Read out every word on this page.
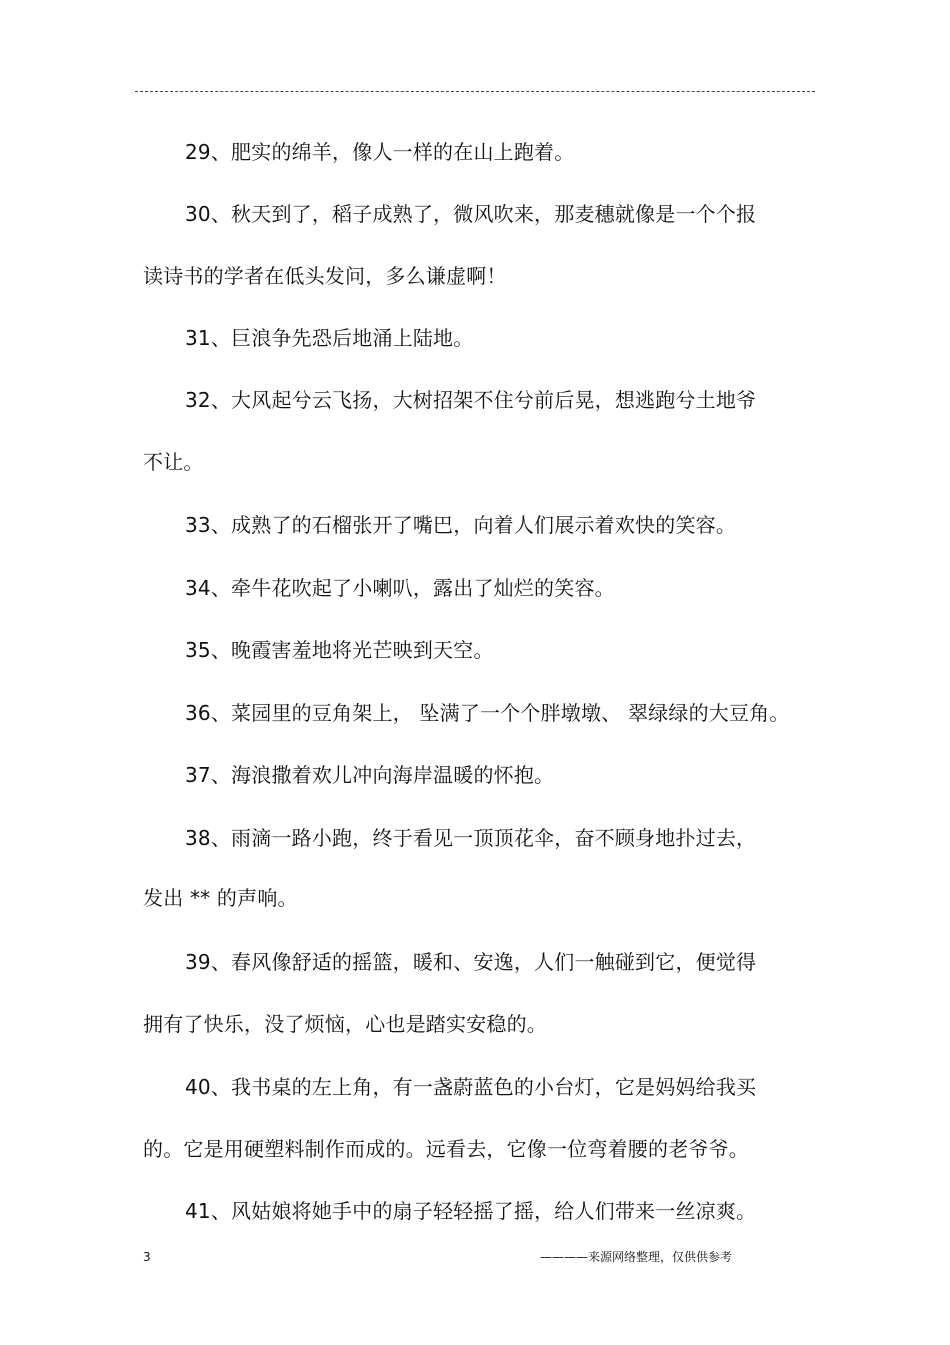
29、肥实的绵羊，像人一样的在山上跑着。
30、秋天到了，稻子成熟了，微风吹来，那麦穗就像是一个个报
读诗书的学者在低头发问，多么谦虚啊！
31、巨浪争先恐后地涌上陆地。
32、大风起兮云飞扬，大树招架不住兮前后晃，想逃跑兮土地爷
不让。
33、成熟了的石榴张开了嘴巴，向着人们展示着欢快的笑容。
34、牵牛花吹起了小喇叭，露出了灿烂的笑容。
35、晚霞害羞地将光芒映到天空。
36、菜园里的豆角架上， 坠满了一个个胖墩墩、 翠绿绿的大豆角。
37、海浪撒着欢儿冲向海岸温暖的怀抱。
38、雨滴一路小跑，终于看见一顶顶花伞，奋不顾身地扑过去，
发出 ** 的声响。
39、春风像舒适的摇篮，暖和、安逸，人们一触碰到它，便觉得
拥有了快乐，没了烦恼，心也是踏实安稳的。
40、我书桌的左上角，有一盏蔚蓝色的小台灯，它是妈妈给我买
的。它是用硬塑料制作而成的。远看去，它像一位弯着腰的老爷爷。
41、风姑娘将她手中的扇子轻轻摇了摇，给人们带来一丝凉爽。
3	————来源网络整理，仅供供参考
